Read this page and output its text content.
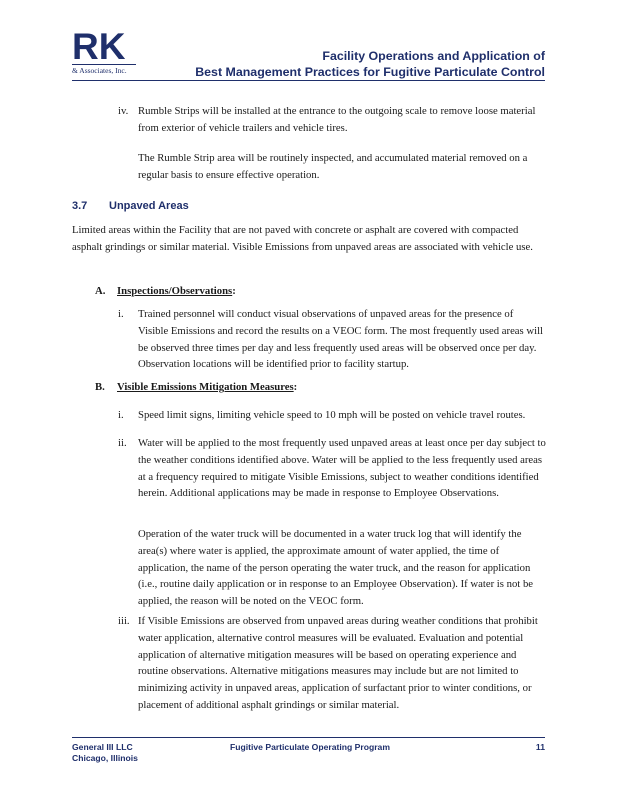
RK
& Associates, Inc.
Facility Operations and Application of
Best Management Practices for Fugitive Particulate Control
iv. Rumble Strips will be installed at the entrance to the outgoing scale to remove loose material from exterior of vehicle trailers and vehicle tires.
The Rumble Strip area will be routinely inspected, and accumulated material removed on a regular basis to ensure effective operation.
3.7 Unpaved Areas
Limited areas within the Facility that are not paved with concrete or asphalt are covered with compacted asphalt grindings or similar material. Visible Emissions from unpaved areas are associated with vehicle use.
A. Inspections/Observations:
i. Trained personnel will conduct visual observations of unpaved areas for the presence of Visible Emissions and record the results on a VEOC form. The most frequently used areas will be observed three times per day and less frequently used areas will be observed once per day. Observation locations will be identified prior to facility startup.
B. Visible Emissions Mitigation Measures:
i. Speed limit signs, limiting vehicle speed to 10 mph will be posted on vehicle travel routes.
ii. Water will be applied to the most frequently used unpaved areas at least once per day subject to the weather conditions identified above. Water will be applied to the less frequently used areas at a frequency required to mitigate Visible Emissions, subject to weather conditions identified herein. Additional applications may be made in response to Employee Observations.
Operation of the water truck will be documented in a water truck log that will identify the area(s) where water is applied, the approximate amount of water applied, the time of application, the name of the person operating the water truck, and the reason for application (i.e., routine daily application or in response to an Employee Observation). If water is not be applied, the reason will be noted on the VEOC form.
iii. If Visible Emissions are observed from unpaved areas during weather conditions that prohibit water application, alternative control measures will be evaluated. Evaluation and potential application of alternative mitigation measures will be based on operating experience and routine observations. Alternative mitigations measures may include but are not limited to minimizing activity in unpaved areas, application of surfactant prior to winter conditions, or placement of additional asphalt grindings or similar material.
General III LLC
Chicago, Illinois
Fugitive Particulate Operating Program	11
